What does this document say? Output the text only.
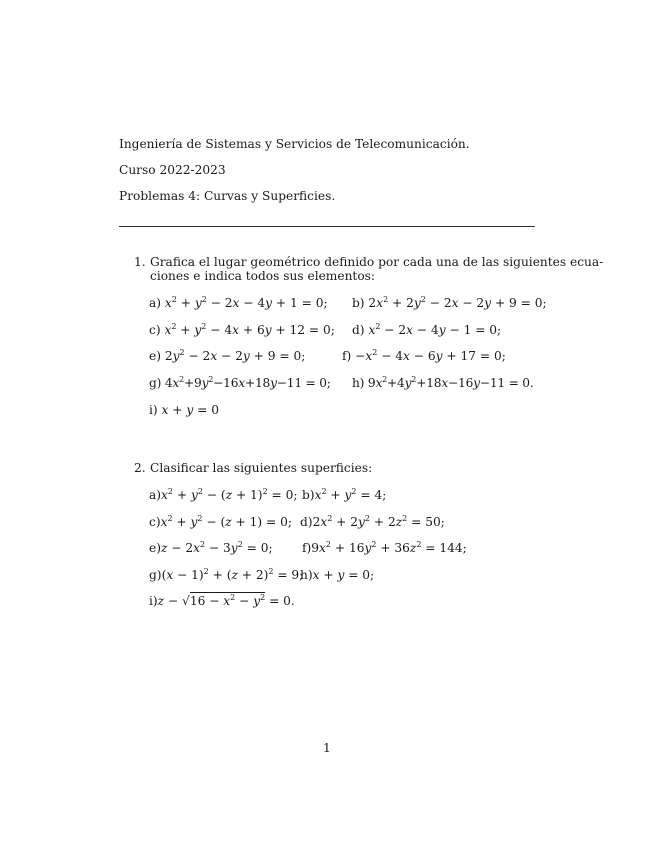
Ingeniería de Sistemas y Servicios de Telecomunicación.
Curso 2022-2023
Problemas 4: Curvas y Superficies.
1. Grafica el lugar geométrico definido por cada una de las siguientes ecua-
ciones e indica todos sus elementos:
a) $x^2 + y^2 - 2x - 4y + 1 = 0$; b) $2x^2 + 2y^2 - 2x - 2y + 9 = 0$;
c) $x^2 + y^2 - 4x + 6y + 12 = 0$; d) $x^2 - 2x - 4y - 1 = 0$;
e) $2y^2 - 2x - 2y + 9 = 0$;	$f) -x^2 - 4x - 6y + 17 = 0$;
g) $4x^2+9y^2-16x+18y-11 = 0$; h) $9x^2+4y^2+18x-16y-11 = 0$.
i) x + y = 0
2. Clasificar las siguientes superficies:
$a)x^2 + y^2 - (z + 1)^2 = 0$; $b)x^2 + y^2 = 4$;
$c)x^2 + y^2 - (z + 1) = 0$; $d)2x^2 + 2y^2 + 2z^2 = 50$;
$e)z - 2x^2 - 3y^2 = 0$; $f)9x^2 + 16y^2 + 36z^2 = 144$;
$g)(x - 1)^2 + (z + 2)^2 = 9$;
h)x + y = 0;
$i)z - √16 - x^2 - y^2 = 0$.
1
